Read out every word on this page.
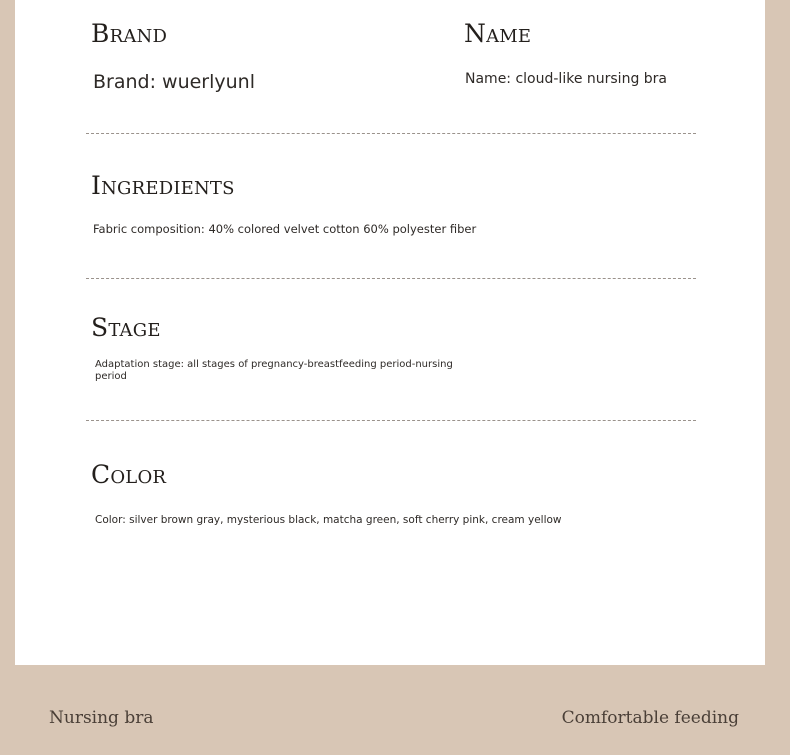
Brand
Brand: wuerlyunl
Name
Name: cloud-like nursing bra
Ingredients
Fabric composition: 40% colored velvet cotton 60% polyester fiber
Stage
Adaptation stage: all stages of pregnancy-breastfeeding period-nursing period
Color
Color: silver brown gray, mysterious black, matcha green, soft cherry pink, cream yellow
Nursing bra	Comfortable feeding
